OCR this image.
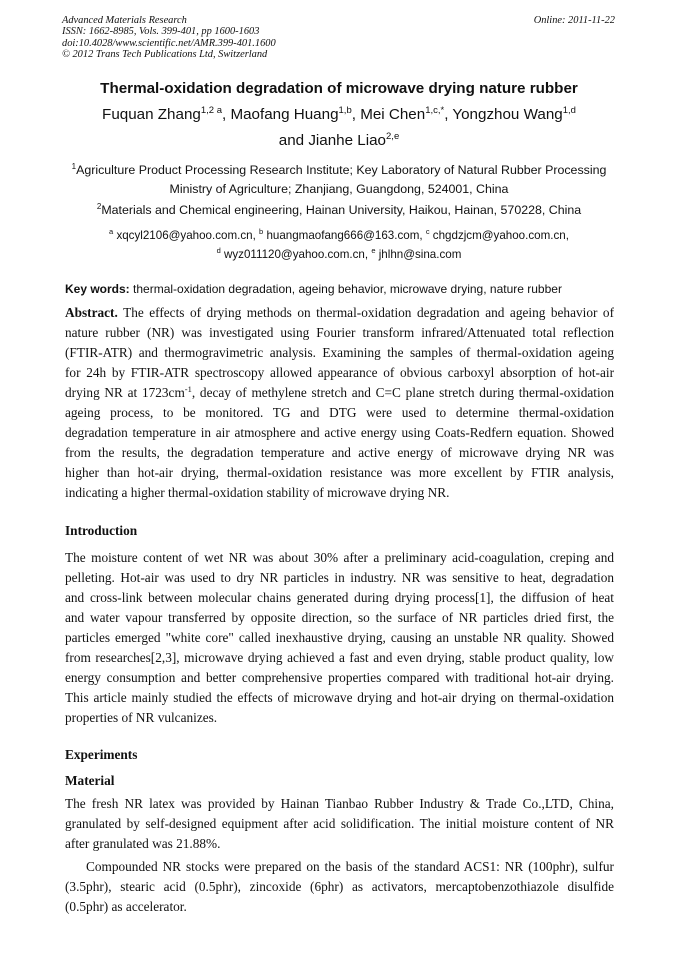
Advanced Materials Research
ISSN: 1662-8985, Vols. 399-401, pp 1600-1603
doi:10.4028/www.scientific.net/AMR.399-401.1600
© 2012 Trans Tech Publications Ltd, Switzerland
Online: 2011-11-22
Thermal-oxidation degradation of microwave drying nature rubber
Fuquan Zhang$^{1,2 a}$, Maofang Huang$^{1,b}$, Mei Chen$^{1,c,*}$, Yongzhou Wang$^{1,d}$
and Jianhe Liao$^{2,e}$
$^1$Agriculture Product Processing Research Institute; Key Laboratory of Natural Rubber Processing
Ministry of Agriculture; Zhanjiang, Guangdong, 524001, China
$^2$Materials and Chemical engineering, Hainan University, Haikou, Hainan, 570228, China
$^a$ xqcyl2106@yahoo.com.cn, $^b$ huangmaofang666@163.com, $^c$ chgdzjcm@yahoo.com.cn,
$^d$ wyz011120@yahoo.com.cn, $^e$ jhlhn@sina.com
Key words: thermal-oxidation degradation, ageing behavior, microwave drying, nature rubber
Abstract. The effects of drying methods on thermal-oxidation degradation and ageing behavior of
nature rubber (NR) was investigated using Fourier transform infrared/Attenuated total reflection
(FTIR-ATR) and thermogravimetric analysis. Examining the samples of thermal-oxidation ageing
for 24h by FTIR-ATR spectroscopy allowed appearance of obvious carboxyl absorption of hot-air
drying NR at $1723cm^{-1}$, decay of methylene stretch and C=C plane stretch during thermal-oxidation
ageing process, to be monitored. TG and DTG were used to determine thermal-oxidation
degradation temperature in air atmosphere and active energy using Coats-Redfern equation. Showed
from the results, the degradation temperature and active energy of microwave drying NR was
higher than hot-air drying, thermal-oxidation resistance was more excellent by FTIR analysis,
indicating a higher thermal-oxidation stability of microwave drying NR.
Introduction
The moisture content of wet NR was about 30% after a preliminary acid-coagulation, creping and
pelleting. Hot-air was used to dry NR particles in industry. NR was sensitive to heat, degradation
and cross-link between molecular chains generated during drying process[1], the diffusion of heat
and water vapour transferred by opposite direction, so the surface of NR particles dried first, the
particles emerged "white core" called inexhaustive drying, causing an unstable NR quality. Showed
from researches[2,3], microwave drying achieved a fast and even drying, stable product quality, low
energy consumption and better comprehensive properties compared with traditional hot-air drying.
This article mainly studied the effects of microwave drying and hot-air drying on thermal-oxidation
properties of NR vulcanizes.
Experiments
Material
The fresh NR latex was provided by Hainan Tianbao Rubber Industry & Trade Co.,LTD, China,
granulated by self-designed equipment after acid solidification. The initial moisture content of NR
after granulated was 21.88%.
Compounded NR stocks were prepared on the basis of the standard ACS1: NR (100phr), sulfur
(3.5phr), stearic acid (0.5phr), zincoxide (6phr) as activators, mercaptobenzothiazole disulfide
(0.5phr) as accelerator.
